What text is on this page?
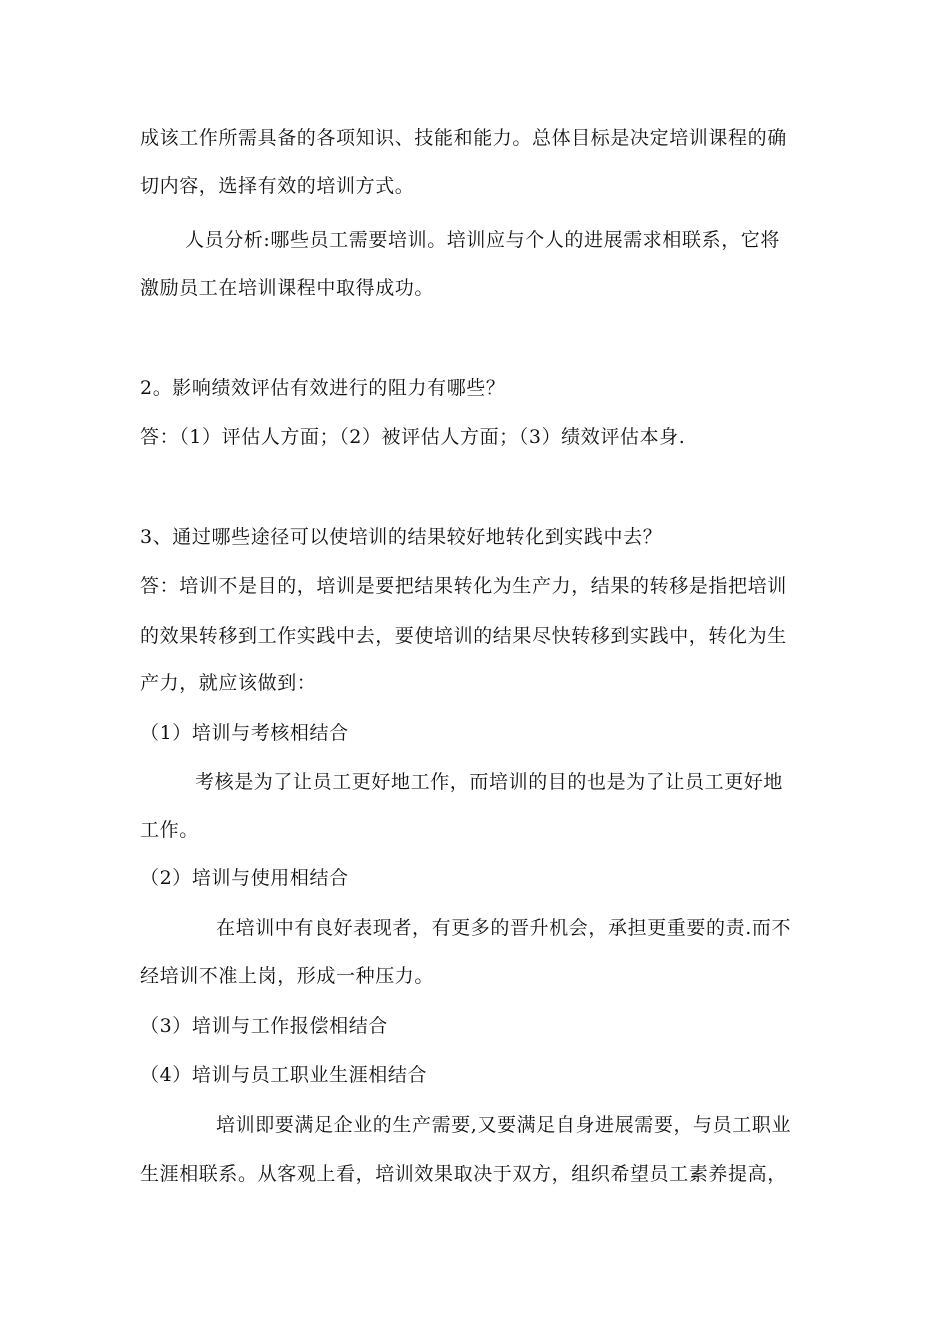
成该工作所需具备的各项知识、技能和能力。总体目标是决定培训课程的确
切内容，选择有效的培训方式。
人员分析:哪些员工需要培训。培训应与个人的进展需求相联系，它将
激励员工在培训课程中取得成功。
2。影响绩效评估有效进行的阻力有哪些？
答：（1）评估人方面；（2）被评估人方面；（3）绩效评估本身.
3、通过哪些途径可以使培训的结果较好地转化到实践中去？
答：培训不是目的，培训是要把结果转化为生产力，结果的转移是指把培训
的效果转移到工作实践中去，要使培训的结果尽快转移到实践中，转化为生
产力，就应该做到：
（1）培训与考核相结合
考核是为了让员工更好地工作，而培训的目的也是为了让员工更好地
工作。
（2）培训与使用相结合
在培训中有良好表现者，有更多的晋升机会，承担更重要的责.而不
经培训不准上岗，形成一种压力。
（3）培训与工作报偿相结合
（4）培训与员工职业生涯相结合
培训即要满足企业的生产需要,又要满足自身进展需要，与员工职业
生涯相联系。从客观上看，培训效果取决于双方，组织希望员工素养提高，
